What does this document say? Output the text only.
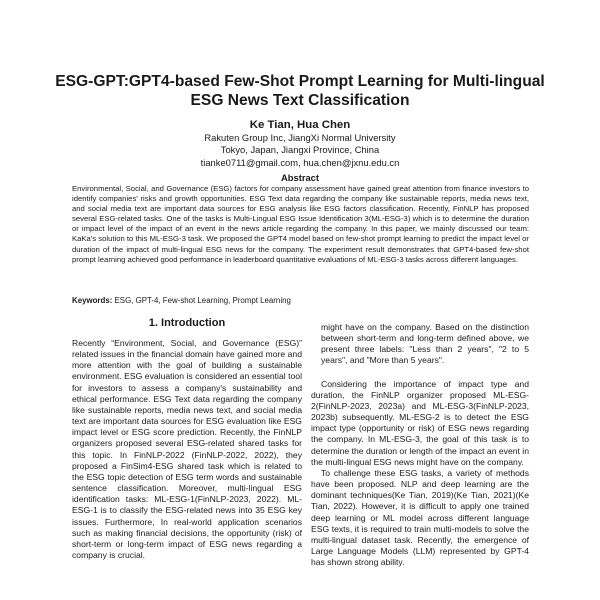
ESG-GPT:GPT4-based Few-Shot Prompt Learning for Multi-lingual
ESG News Text Classification
Ke Tian, Hua Chen
Rakuten Group Inc, JiangXi Normal University
Tokyo, Japan, Jiangxi Province, China
tianke0711@gmail.com, hua.chen@jxnu.edu.cn
Abstract
Environmental, Social, and Governance (ESG) factors for company assessment have gained great attention from finance investors to identify companies' risks and growth opportunities. ESG Text data regarding the company like sustainable reports, media news text, and social media text are important data sources for ESG analysis like ESG factors classification. Recently, FinNLP has proposed several ESG-related tasks. One of the tasks is Multi-Lingual ESG Issue Identification 3(ML-ESG-3) which is to determine the duration or impact level of the impact of an event in the news article regarding the company. In this paper, we mainly discussed our team: KaKa's solution to this ML-ESG-3 task. We proposed the GPT4 model based on few-shot prompt learning to predict the impact level or duration of the impact of multi-lingual ESG news for the company. The experiment result demonstrates that GPT4-based few-shot prompt learning achieved good performance in leaderboard quantitative evaluations of ML-ESG-3 tasks across different languages.
Keywords: ESG, GPT-4, Few-shot Learning, Prompt Learning
1. Introduction

Recently “Environment, Social, and Governance (ESG)” related issues in the financial domain have gained more and more attention with the goal of building a sustainable environment. ESG evaluation is considered an essential tool for investors to assess a company's sustainability and ethical performance. ESG Text data regarding the company like sustainable reports, media news text, and social media text are important data sources for ESG evaluation like ESG impact level or ESG score prediction. Recently, the FinNLP organizers proposed several ESG-related shared tasks for this topic. In FinNLP-2022 (FinNLP-2022, 2022), they proposed a FinSim4-ESG shared task which is related to the ESG topic detection of ESG term words and sustainable sentence classification. Moreover, multi-lingual ESG identification tasks: ML-ESG-1(FinNLP-2023, 2022). ML-ESG-1 is to classify the ESG-related news into 35 ESG key issues. Furthermore, In real-world application scenarios such as making financial decisions, the opportunity (risk) of short-term or long-term impact of ESG news regarding a company is crucial.

might have on the company. Based on the distinction between short-term and long-term defined above, we present three labels: "Less than 2 years", "2 to 5 years", and "More than 5 years".

Considering the importance of impact type and duration, the FinNLP organizer proposed ML-ESG-2(FinNLP-2023, 2023a) and ML-ESG-3(FinNLP-2023, 2023b) subsequently. ML-ESG-2 is to detect the ESG impact type (opportunity or risk) of ESG news regarding the company. In ML-ESG-3, the goal of this task is to determine the duration or length of the impact an event in the multi-lingual ESG news might have on the company.

To challenge these ESG tasks, a variety of methods have been proposed. NLP and deep learning are the dominant techniques(Ke Tian, 2019)(Ke Tian, 2021)(Ke Tian, 2022). However, it is difficult to apply one trained deep learning or ML model across different language ESG texts, it is required to train multi-models to solve the multi-lingual dataset task. Recently, the emergence of Large Language Models (LLM) represented by GPT-4 has shown strong ability.
